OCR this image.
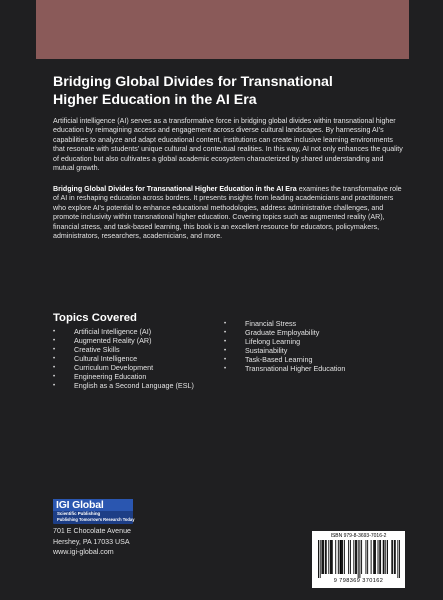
Bridging Global Divides for Transnational
Higher Education in the AI Era

Artificial intelligence (AI) serves as a transformative force in bridging global divides within transnational higher education by reimagining access and engagement across diverse cultural landscapes. By harnessing AI's capabilities to analyze and adapt educational content, institutions can create inclusive learning environments that resonate with students' unique cultural and contextual realities. In this way, AI not only enhances the quality of education but also cultivates a global academic ecosystem characterized by shared understanding and mutual growth.

Bridging Global Divides for Transnational Higher Education in the AI Era examines the transformative role of AI in reshaping education across borders. It presents insights from leading academicians and practitioners who explore AI's potential to enhance educational methodologies, address administrative challenges, and promote inclusivity within transnational higher education. Covering topics such as augmented reality (AR), financial stress, and task-based learning, this book is an excellent resource for educators, policymakers, administrators, researchers, academicians, and more.

Topics Covered
•	Artificial Intelligence (AI)
•	Augmented Reality (AR)
•	Creative Skills
•	Cultural Intelligence
•	Curriculum Development
•	Engineering Education
•	English as a Second Language (ESL)
•	Financial Stress
•	Graduate Employability
•	Lifelong Learning
•	Sustainability
•	Task-Based Learning
•	Transnational Higher Education
IGI Global
Scientific Publishing
Publishing Tomorrow's Research Today

701 E Chocolate Avenue
Hershey, PA 17033 USA
www.igi-global.com

ISBN 979-8-3693-7016-2
9 798369 370162
